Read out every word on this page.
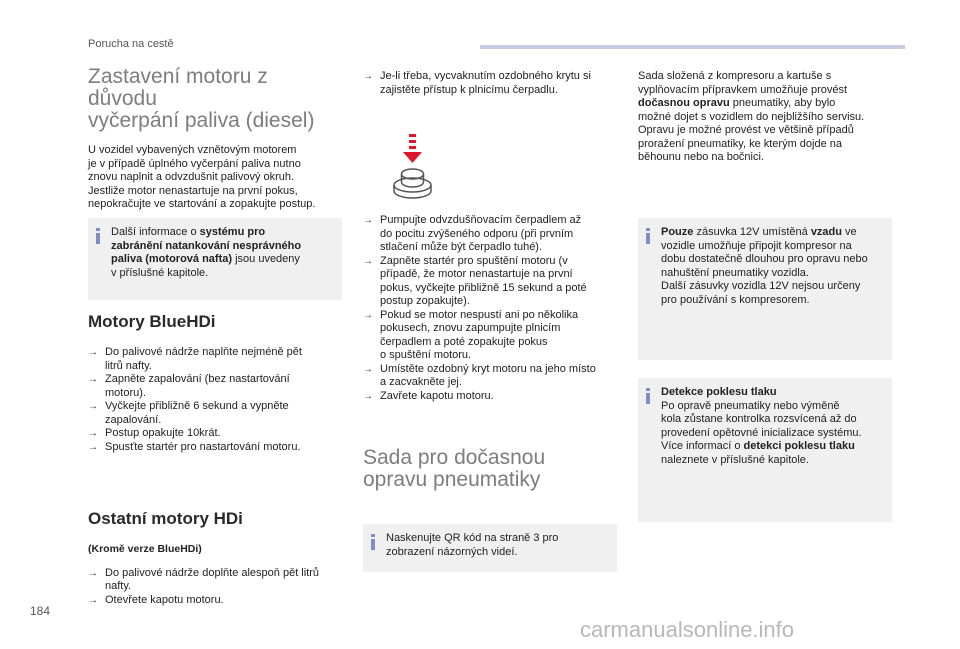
Porucha na cestě
Zastavení motoru z důvodu
vyčerpání paliva (diesel)

U vozidel vybavených vznětovým motorem
je v případě úplného vyčerpání paliva nutno
znovu naplnit a odvzdušnit palivový okruh.
Jestliže motor nenastartuje na první pokus,
nepokračujte ve startování a zopakujte postup.

Další informace o systému pro
zabránění natankování nesprávného
paliva (motorová nafta) jsou uvedeny
v příslušné kapitole.

Motory BlueHDi
→ Do palivové nádrže naplňte nejméně pět
litrů nafty.
→ Zapněte zapalování (bez nastartování
motoru).
→ Vyčkejte přibližně 6 sekund a vypněte
zapalování.
→ Postup opakujte 10krát.
→ Spusťte startér pro nastartování motoru.
Ostatní motory HDi

(Kromě verze BlueHDi)

→ Do palivové nádrže doplňte alespoň pět litrů
nafty.
→ Otevřete kapotu motoru.
→ Je-li třeba, vycvaknutím ozdobného krytu si
zajistěte přístup k plnicímu čerpadlu.
→ Pumpujte odvzdušňovacím čerpadlem až
do pocitu zvýšeného odporu (při prvním
stlačení může být čerpadlo tuhé).
→ Zapněte startér pro spuštění motoru (v
případě, že motor nenastartuje na první
pokus, vyčkejte přibližně 15 sekund a poté
postup zopakujte).
→ Pokud se motor nespustí ani po několika
pokusech, znovu zapumpujte plnicím
čerpadlem a poté zopakujte pokus
o spuštění motoru.
→ Umístěte ozdobný kryt motoru na jeho místo
a zacvakněte jej.
→ Zavřete kapotu motoru.
Sada pro dočasnou
opravu pneumatiky

Naskenujte QR kód na straně 3 pro
zobrazení názorných videí.

Sada složená z kompresoru a kartuše s
vyplňovacím přípravkem umožňuje provést
dočasnou opravu pneumatiky, aby bylo
možné dojet s vozidlem do nejbližšího servisu.
Opravu je možné provést ve většině případů
proražení pneumatiky, ke kterým dojde na
běhounu nebo na bočnici.

Pouze zásuvka 12V umístěná vzadu ve
vozidle umožňuje připojit kompresor na
dobu dostatečně dlouhou pro opravu nebo
nahuštění pneumatiky vozidla.
Další zásuvky vozidla 12V nejsou určeny
pro používání s kompresorem.

Detekce poklesu tlaku
Po opravě pneumatiky nebo výměně
kola zůstane kontrolka rozsvícená až do
provedení opětovné inicializace systému.
Více informací o detekci poklesu tlaku
naleznete v příslušné kapitole.

184
carmanualsonline.info
